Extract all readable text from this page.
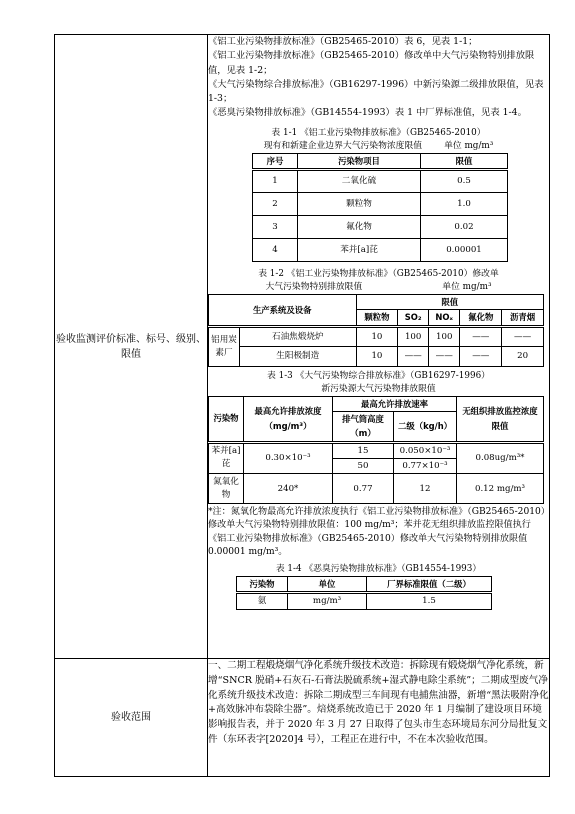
验收监测评价标准、标号、级别、限值	

《铝工业污染物排放标准》（GB25465-2010）表 6，见表 1-1；

《铝工业污染物排放标准》（GB25465-2010）修改单中大气污染物特别排放限值，见表 1-2；

《大气污染物综合排放标准》（GB16297-1996）中新污染源二级排放限值，见表 1-3；

《恶臭污染物排放标准》（GB14554-1993）表 1 中厂界标准值，见表 1-4。

表 1-1 《铝工业污染物排放标准》（GB25465-2010）

现有和新建企业边界大气污染物浓度限值	单位 mg/m³

序号	污染物项目	限值
1	二氧化硫	0.5
2	颗粒物	1.0
3	氟化物	0.02
4	苯并[a]芘	0.00001

表 1-2 《铝工业污染物排放标准》（GB25465-2010）修改单

大气污染物特别排放限值	单位 mg/m³

生产系统及设备	限值
颗粒物	SO₂	NOₓ	氟化物	沥青烟
铝用炭素厂	石油焦煅烧炉	10	100	100	——	——
生阳极制造	10	——	——	——	20

表 1-3 《大气污染物综合排放标准》（GB16297-1996）

新污染源大气污染物排放限值

污染物	最高允许排放浓度（mg/m³）	最高允许排放速率	无组织排放监控浓度限值
排气筒高度（m）	二级（kg/h）
苯并[a]芘	0.30×10⁻³	15	0.050×10⁻³	0.08ug/m³*
50	0.77×10⁻³
氮氧化物	240*	0.77	12	0.12 mg/m³

*注：氮氧化物最高允许排放浓度执行《铝工业污染物排放标准》（GB25465-2010）修改单大气污染物特别排放限值：100 mg/m³；苯并花无组织排放监控限值执行《铝工业污染物排放标准》（GB25465-2010）修改单大气污染物特别排放限值 0.00001 mg/m³。

表 1-4 《恶臭污染物排放标准》（GB14554-1993）

污染物	单位	厂界标准限值（二级）
氨	mg/m³	1.5

验收范围	一、二期工程煅烧烟气净化系统升级技术改造：拆除现有煅烧烟气净化系统，新增“SNCR 脱硝+石灰石-石膏法脱硫系统+湿式静电除尘系统”；二期成型废气净化系统升级技术改造：拆除二期成型三车间现有电捕焦油器，新增“黑法吸附净化+高效脉冲布袋除尘器”。焙烧系统改造已于 2020 年 1 月编制了建设项目环境影响报告表，并于 2020 年 3 月 27 日取得了包头市生态环境局东河分局批复文件（东环表字[2020]4 号），工程正在进行中，不在本次验收范围。
